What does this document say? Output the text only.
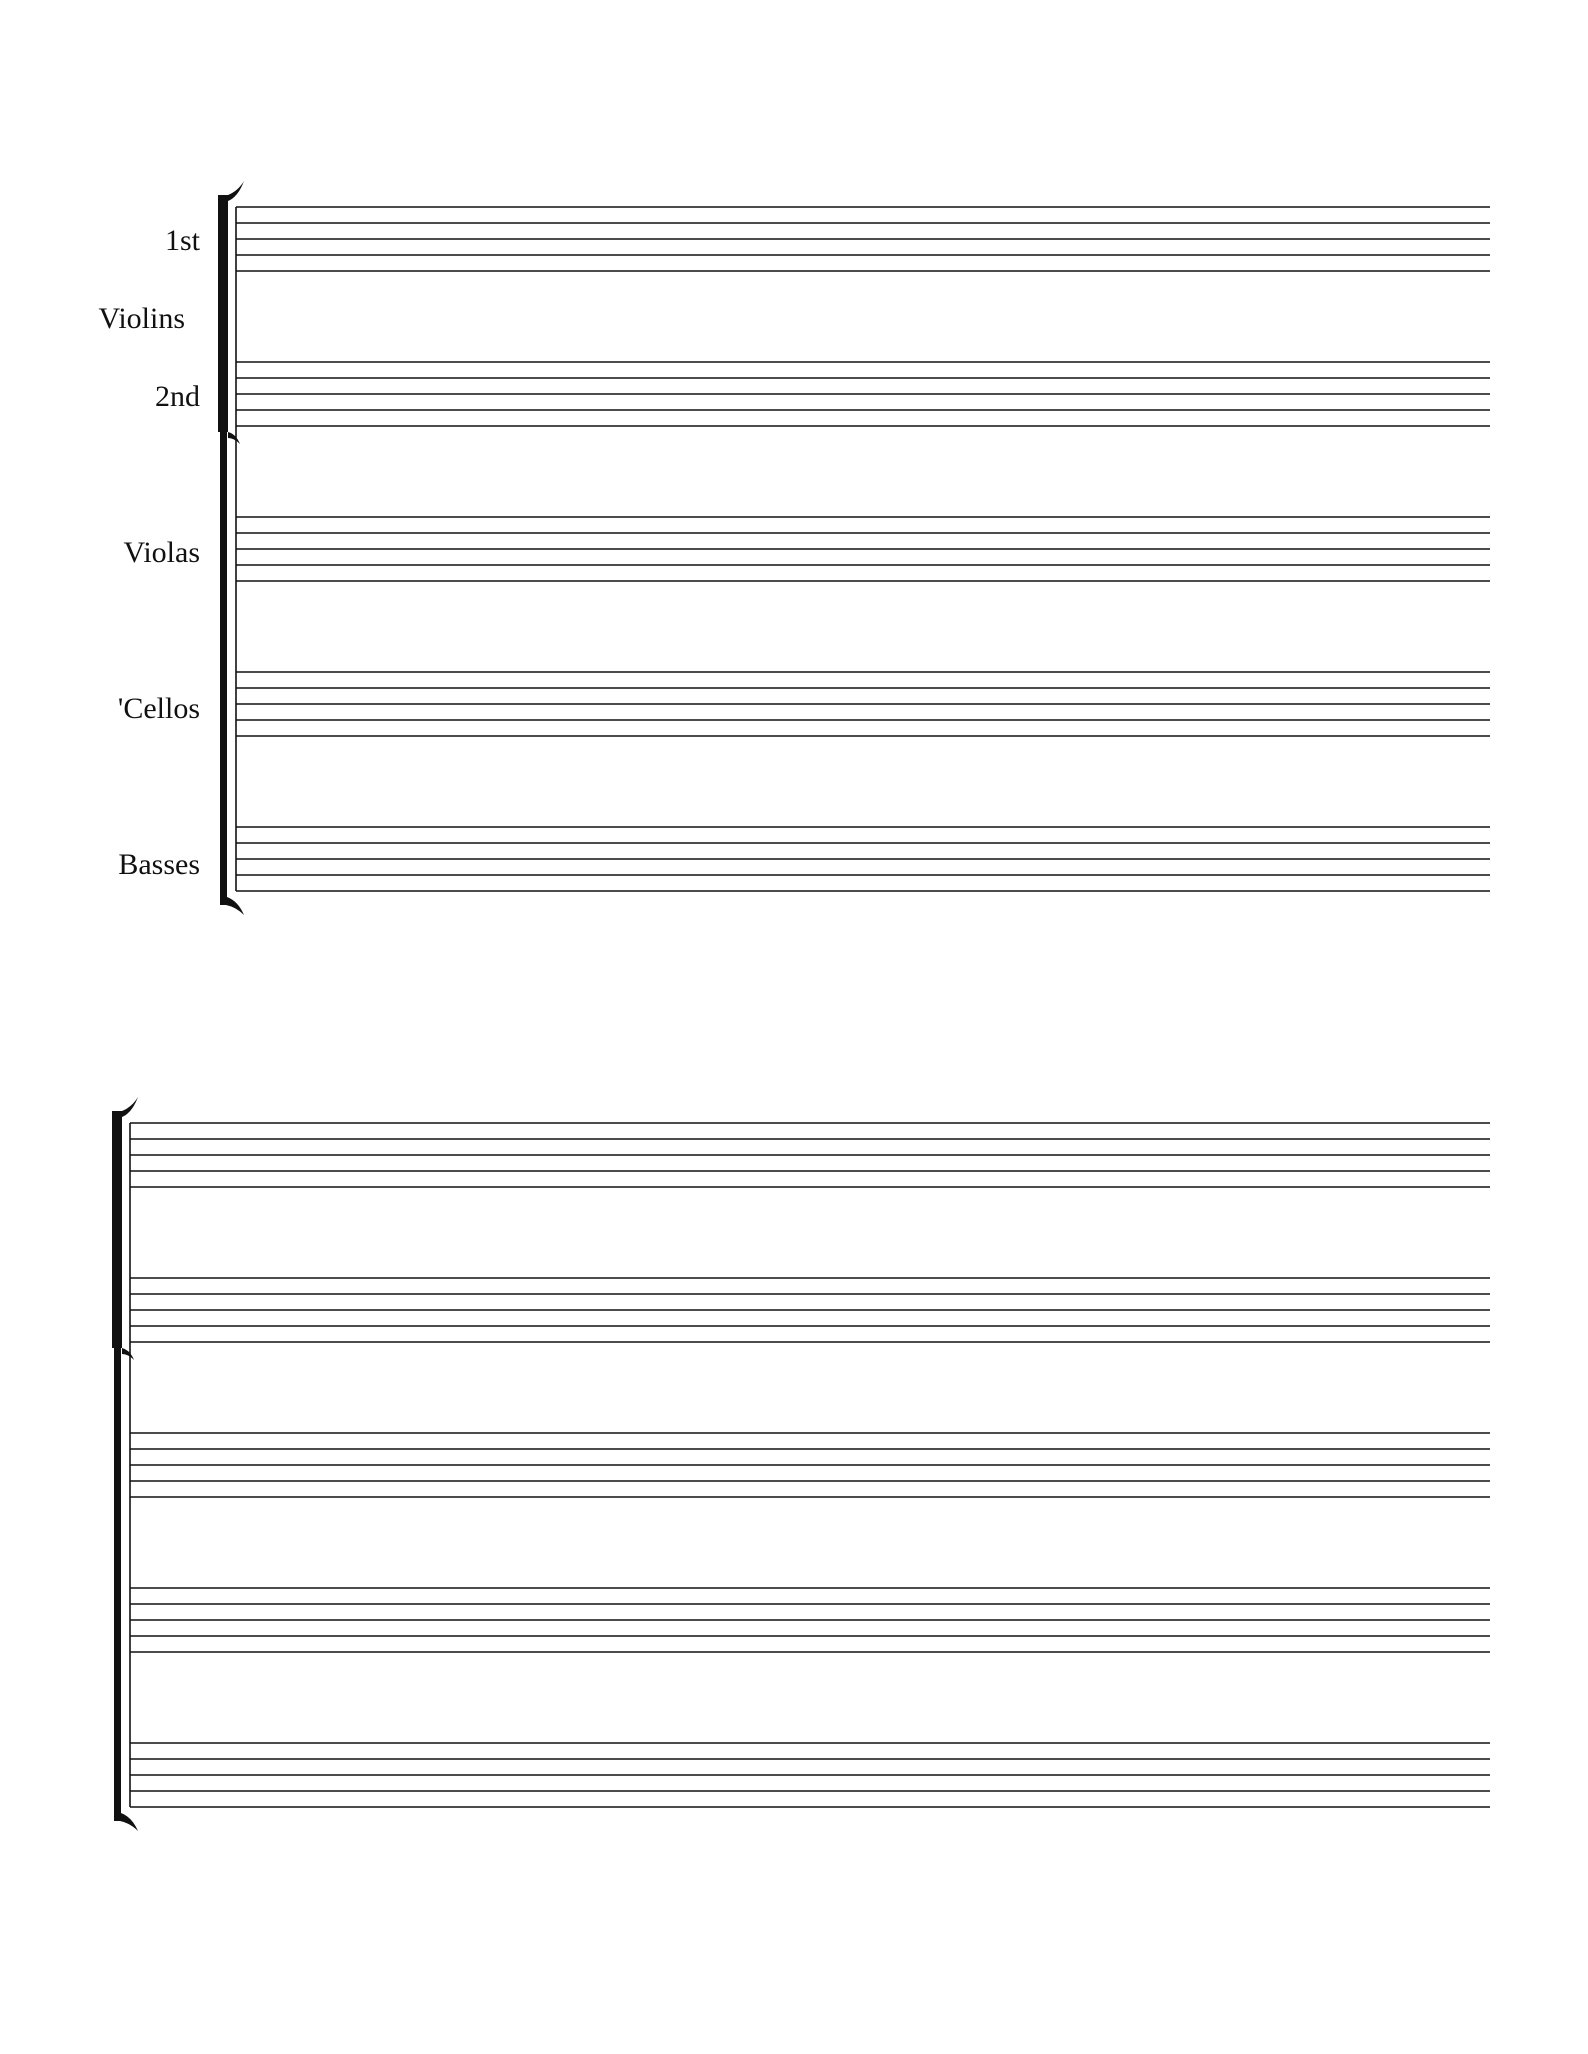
1st
Violins
2nd
Violas
'Cellos
Basses
